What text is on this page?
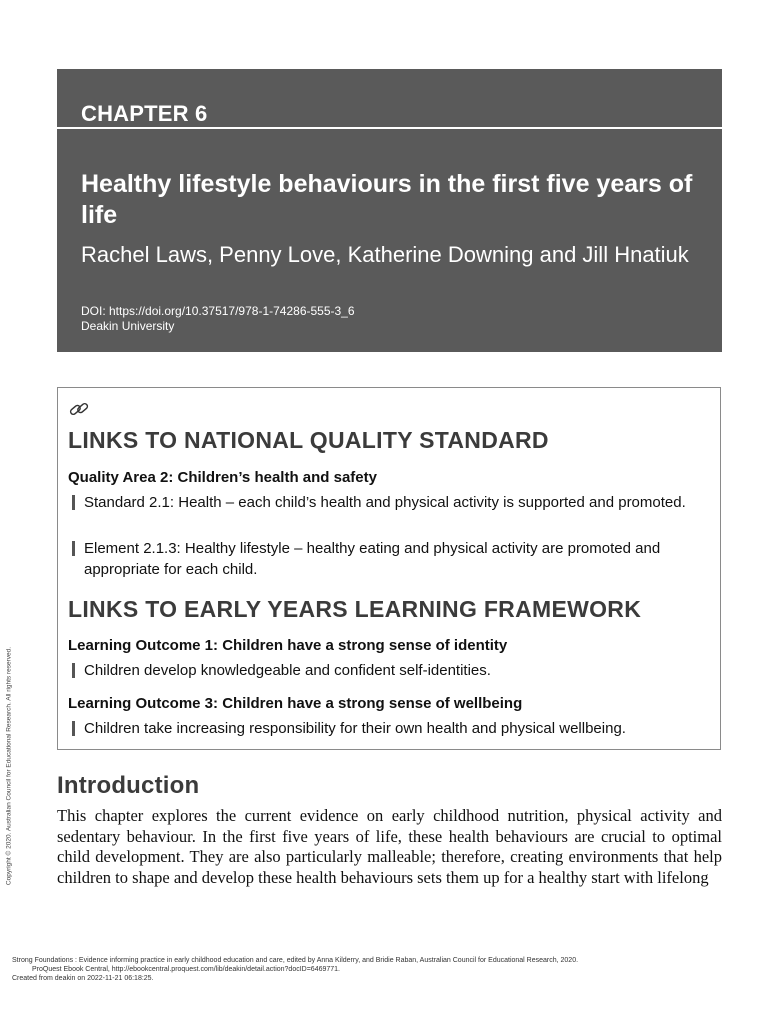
CHAPTER 6
Healthy lifestyle behaviours in the first five years of life
Rachel Laws, Penny Love, Katherine Downing and Jill Hnatiuk
DOI: https://doi.org/10.37517/978-1-74286-555-3_6
Deakin University
LINKS TO NATIONAL QUALITY STANDARD
Quality Area 2: Children’s health and safety
Standard 2.1: Health – each child’s health and physical activity is supported and promoted.
Element 2.1.3: Healthy lifestyle – healthy eating and physical activity are promoted and appropriate for each child.
LINKS TO EARLY YEARS LEARNING FRAMEWORK
Learning Outcome 1: Children have a strong sense of identity
Children develop knowledgeable and confident self-identities.
Learning Outcome 3: Children have a strong sense of wellbeing
Children take increasing responsibility for their own health and physical wellbeing.
Introduction
This chapter explores the current evidence on early childhood nutrition, physical activity and sedentary behaviour. In the first five years of life, these health behaviours are crucial to optimal child development. They are also particularly malleable; therefore, creating environments that help children to shape and develop these health behaviours sets them up for a healthy start with lifelong
Copyright © 2020. Australian Council for Educational Research. All rights reserved.
Strong Foundations : Evidence informing practice in early childhood education and care, edited by Anna Kilderry, and Bridie Raban, Australian Council for Educational Research, 2020.
ProQuest Ebook Central, http://ebookcentral.proquest.com/lib/deakin/detail.action?docID=6469771.
Created from deakin on 2022-11-21 06:18:25.
